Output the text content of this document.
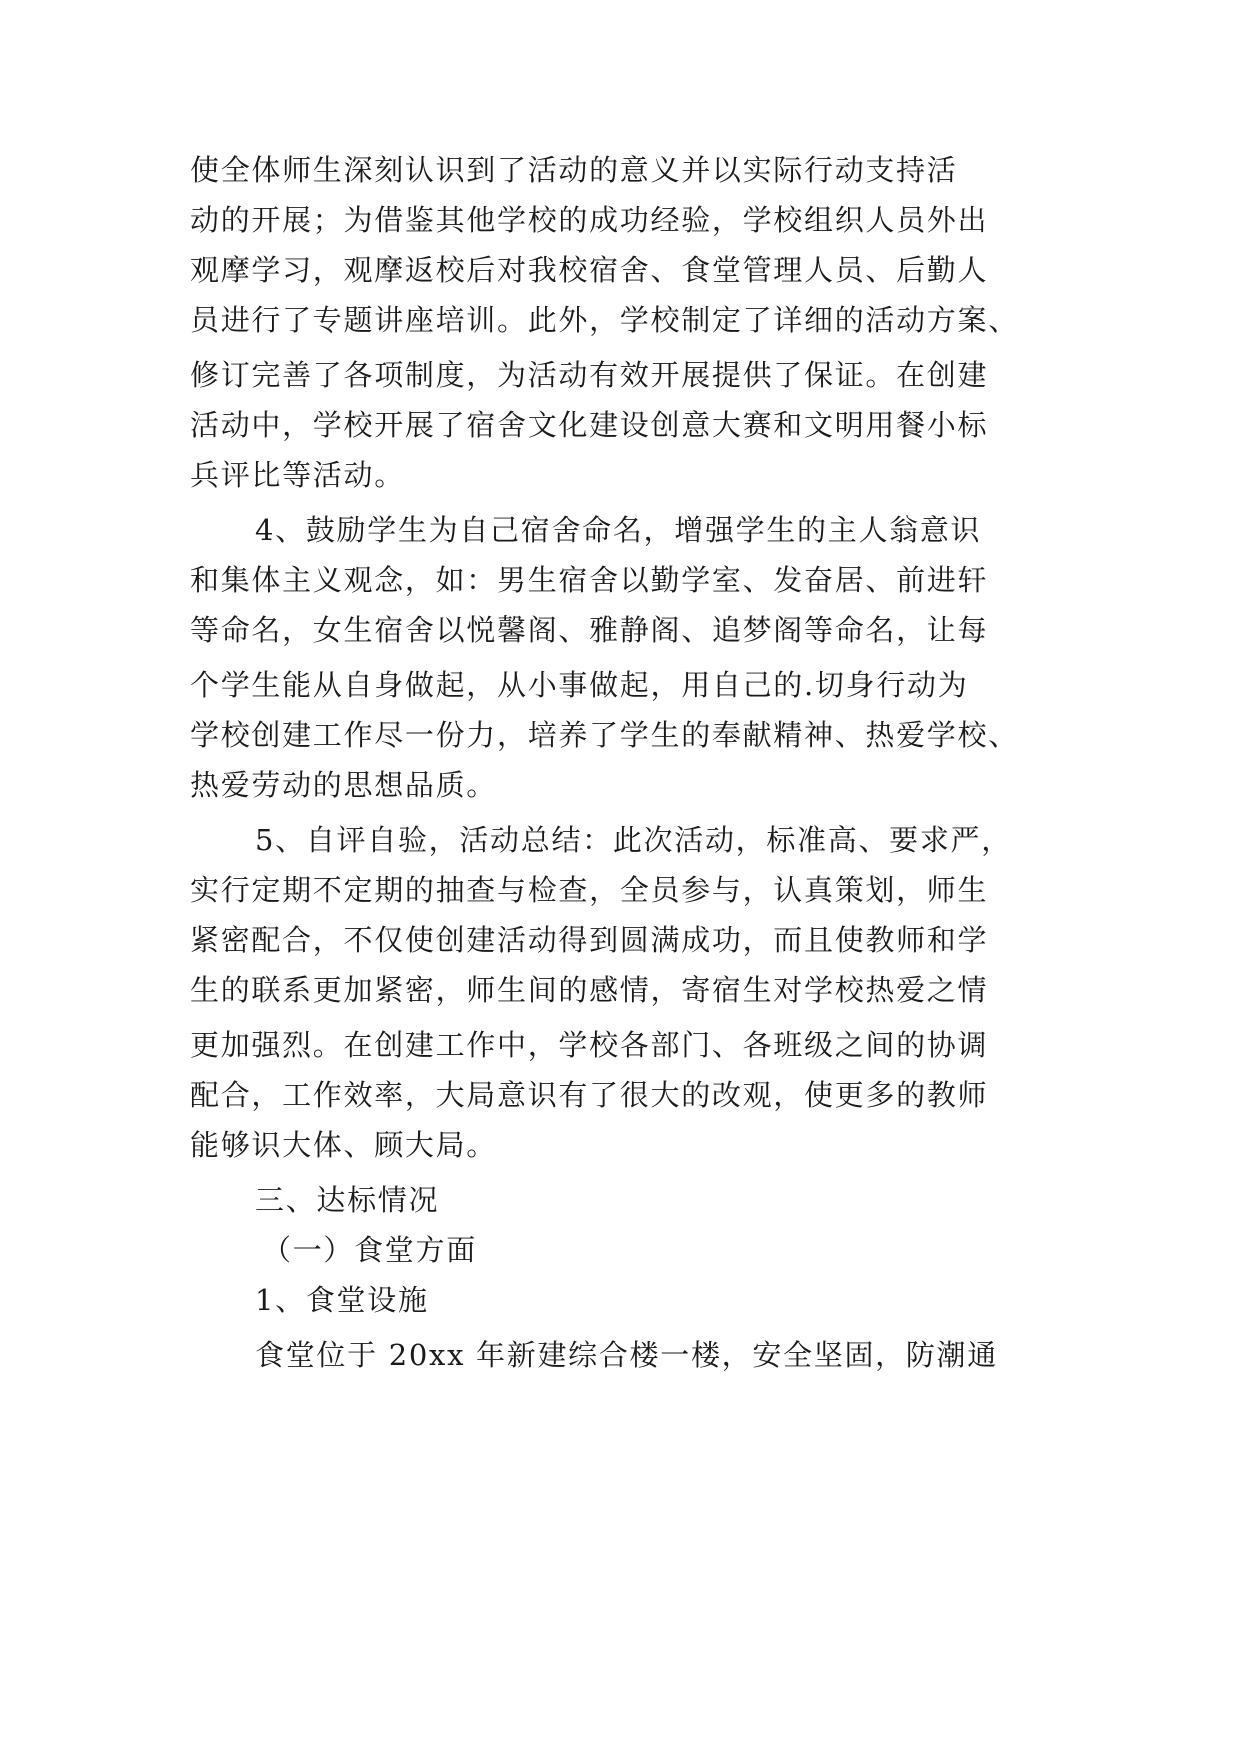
使全体师生深刻认识到了活动的意义并以实际行动支持活
动的开展；为借鉴其他学校的成功经验，学校组织人员外出
观摩学习，观摩返校后对我校宿舍、食堂管理人员、后勤人
员进行了专题讲座培训。此外，学校制定了详细的活动方案、
修订完善了各项制度，为活动有效开展提供了保证。在创建
活动中，学校开展了宿舍文化建设创意大赛和文明用餐小标
兵评比等活动。
4、鼓励学生为自己宿舍命名，增强学生的主人翁意识
和集体主义观念，如：男生宿舍以勤学室、发奋居、前进轩
等命名，女生宿舍以悦馨阁、雅静阁、追梦阁等命名，让每
个学生能从自身做起，从小事做起，用自己的.切身行动为
学校创建工作尽一份力，培养了学生的奉献精神、热爱学校、
热爱劳动的思想品质。
5、自评自验，活动总结：此次活动，标准高、要求严，
实行定期不定期的抽查与检查，全员参与，认真策划，师生
紧密配合，不仅使创建活动得到圆满成功，而且使教师和学
生的联系更加紧密，师生间的感情，寄宿生对学校热爱之情
更加强烈。在创建工作中，学校各部门、各班级之间的协调
配合，工作效率，大局意识有了很大的改观，使更多的教师
能够识大体、顾大局。
三、达标情况
（一）食堂方面
1、食堂设施
食堂位于 20xx 年新建综合楼一楼，安全坚固，防潮通
